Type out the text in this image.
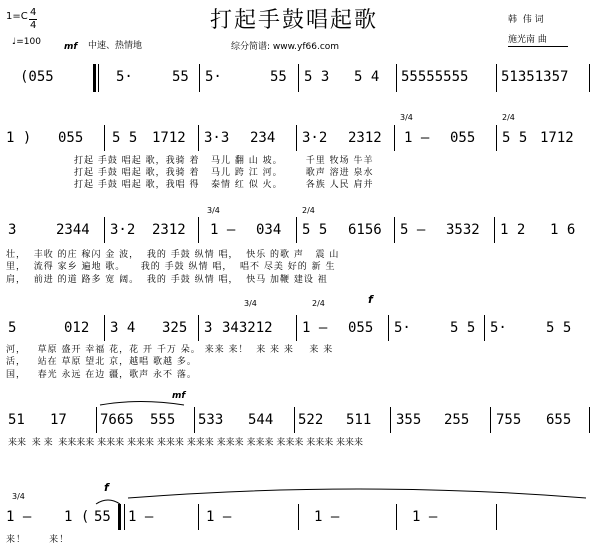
1=C 4
4
♩=100	mf 中速、热情地
打起手鼓唱起歌
综分简谱: www.yf66.com
韩  伟 词
施光南 曲
(055	5·	55 5·	55 5 3 5 4 55555555 51351357
1 ) 055 5 5 1712 3·3 234 3·2 2312
3/4
1 – 055
2/4
5 5 1712
打起 手鼓 唱起 歌，我骑 着   马儿 翻 山 坡。      千里 牧场 牛羊
打起 手鼓 唱起 歌，我骑 着   马儿 跨 江 河。      歌声 溶进 泉水
打起 手鼓 唱起 歌，我唱 得   泰情 红 似 火。      各族 人民 肩并
3	2344 3·2 2312
3/4
1 – 034
2/4
5 5 6156 5 – 3532 1 2 1 6
壮，  丰收 的庄 稼闪 金 波，  我的 手鼓 纵情 唱，  快乐 的歌 声   震 山
里，  流得 家乡 遍地 歌。    我的 手鼓 纵情 唱，  唱不 尽美 好的 新 生
肩，  前进 的道 路多 宽 阔。  我的 手鼓 纵情 唱，  快马 加鞭 建设 祖
3/4	2/4	f
5	012 3 4 325 3 343212 1 – 055 5·	5 5 5·	5 5
河，   草原 盛开 幸福 花，花 开 千万 朵。 来来 来！  来 来 来    来 来
活，   站在 草原 望北 京，越唱 歌越 多。
国，   春光 永远 在边 疆，歌声 永不 落。
mf
51 17 7665 555 533 544 522 511 355 255 755 655
来来  来 来  来来来来 来来来 来来来 来来来 来来来 来来来 来来来 来来来 来来来 来来来
3/4
f
1 – 1 ( 55 1 –	1 –	1 –	1 –
来！      来！
